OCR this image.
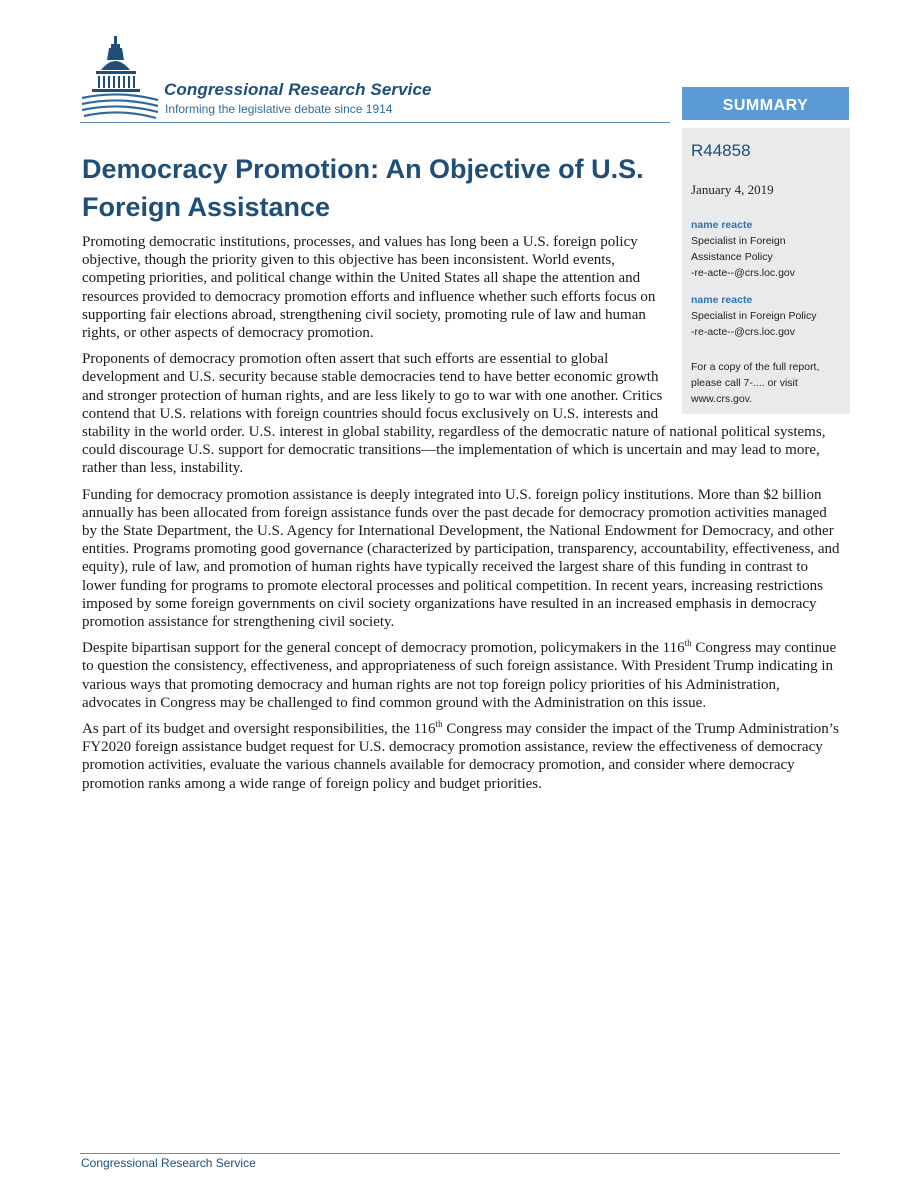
Congressional Research Service
Informing the legislative debate since 1914	SUMMARY
R44858
January 4, 2019
name reacte
Specialist in Foreign
Assistance Policy
-re-acte--@crs.loc.gov
name reacte
Specialist in Foreign Policy
-re-acte--@crs.loc.gov
For a copy of the full report, please call 7-.... or visit www.crs.gov.
Democracy Promotion: An Objective of U.S. Foreign Assistance

Promoting democratic institutions, processes, and values has long been a U.S. foreign policy objective, though the priority given to this objective has been inconsistent. World events, competing priorities, and political change within the United States all shape the attention and resources provided to democracy promotion efforts and influence whether such efforts focus on supporting fair elections abroad, strengthening civil society, promoting rule of law and human rights, or other aspects of democracy promotion.

Proponents of democracy promotion often assert that such efforts are essential to global development and U.S. security because stable democracies tend to have better economic growth and stronger protection of human rights, and are less likely to go to war with one another. Critics contend that U.S. relations with foreign countries should focus exclusively on U.S. interests and stability in the world order. U.S. interest in global stability, regardless of the democratic nature of national political systems, could discourage U.S. support for democratic transitions—the implementation of which is uncertain and may lead to more, rather than less, instability.

Funding for democracy promotion assistance is deeply integrated into U.S. foreign policy institutions. More than $2 billion annually has been allocated from foreign assistance funds over the past decade for democracy promotion activities managed by the State Department, the U.S. Agency for International Development, the National Endowment for Democracy, and other entities. Programs promoting good governance (characterized by participation, transparency, accountability, effectiveness, and equity), rule of law, and promotion of human rights have typically received the largest share of this funding in contrast to lower funding for programs to promote electoral processes and political competition. In recent years, increasing restrictions imposed by some foreign governments on civil society organizations have resulted in an increased emphasis in democracy promotion assistance for strengthening civil society.

Despite bipartisan support for the general concept of democracy promotion, policymakers in the 116th Congress may continue to question the consistency, effectiveness, and appropriateness of such foreign assistance. With President Trump indicating in various ways that promoting democracy and human rights are not top foreign policy priorities of his Administration, advocates in Congress may be challenged to find common ground with the Administration on this issue.

As part of its budget and oversight responsibilities, the 116th Congress may consider the impact of the Trump Administration’s FY2020 foreign assistance budget request for U.S. democracy promotion assistance, review the effectiveness of democracy promotion activities, evaluate the various channels available for democracy promotion, and consider where democracy promotion ranks among a wide range of foreign policy and budget priorities.

Congressional Research Service
